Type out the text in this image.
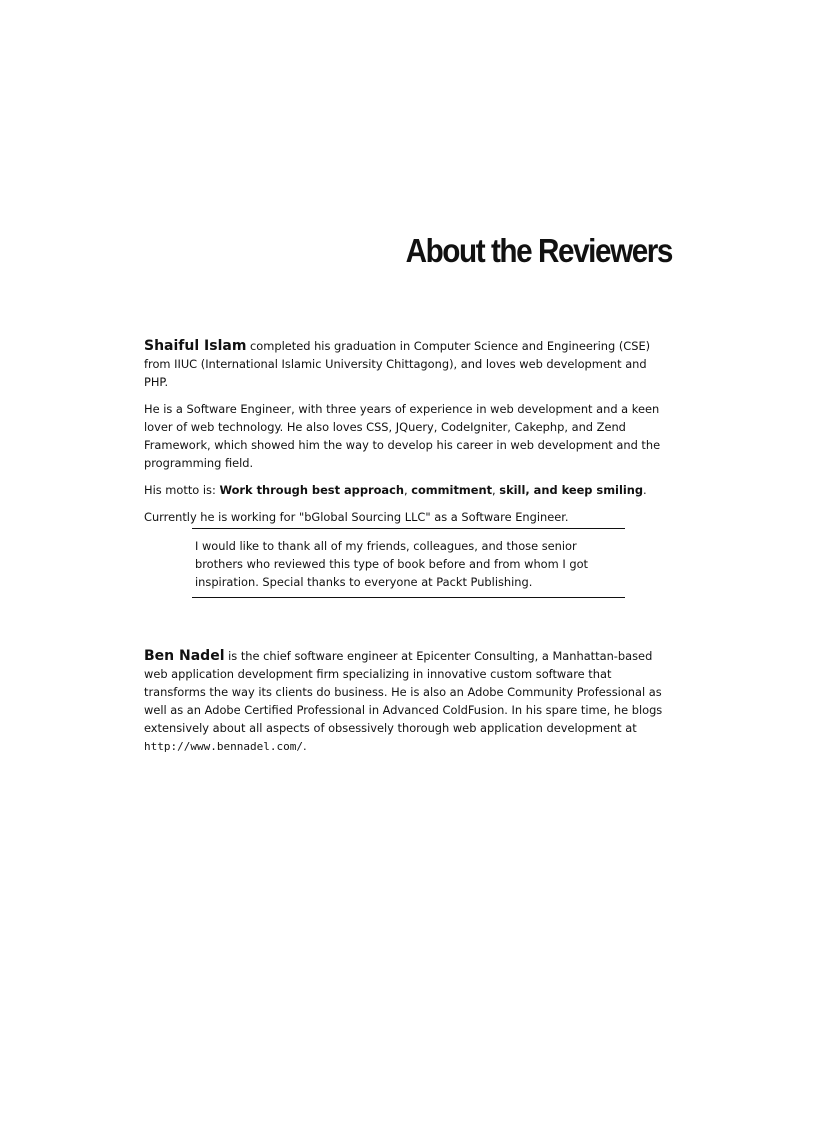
About the Reviewers

Shaiful Islam completed his graduation in Computer Science and Engineering (CSE) from IIUC (International Islamic University Chittagong), and loves web development and PHP.

He is a Software Engineer, with three years of experience in web development and a keen lover of web technology. He also loves CSS, JQuery, CodeIgniter, Cakephp, and Zend Framework, which showed him the way to develop his career in web development and the programming field.

His motto is: Work through best approach, commitment, skill, and keep smiling.

Currently he is working for "bGlobal Sourcing LLC" as a Software Engineer.

I would like to thank all of my friends, colleagues, and those senior
brothers who reviewed this type of book before and from whom I got
inspiration. Special thanks to everyone at Packt Publishing.

Ben Nadel is the chief software engineer at Epicenter Consulting, a Manhattan-based web application development firm specializing in innovative custom software that transforms the way its clients do business. He is also an Adobe Community Professional as well as an Adobe Certified Professional in Advanced ColdFusion. In his spare time, he blogs extensively about all aspects of obsessively thorough web application development at http://www.bennadel.com/.
